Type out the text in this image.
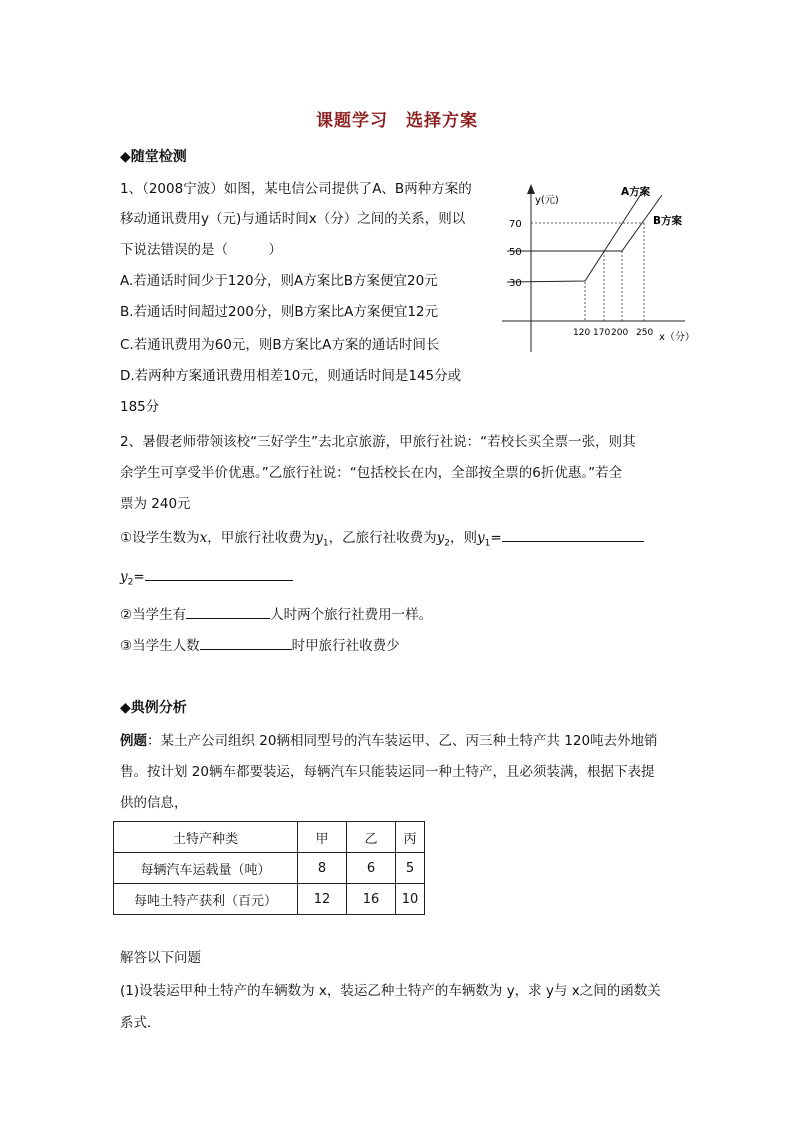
课题学习　选择方案
◆随堂检测
1、（2008宁波）如图，某电信公司提供了A、B两种方案的
移动通讯费用y（元)与通话时间x（分）之间的关系，则以
下说法错误的是（　　　）
A.若通话时间少于120分，则A方案比B方案便宜20元
B.若通话时间超过200分，则B方案比A方案便宜12元
C.若通讯费用为60元，则B方案比A方案的通话时间长
D.若两种方案通讯费用相差10元，则通话时间是145分或
185分
y(元)
x（分）
70
50
30
120 170 200 250
A方案
B方案
2、暑假老师带领该校“三好学生”去北京旅游，甲旅行社说：“若校长买全票一张，则其
余学生可享受半价优惠。”乙旅行社说：“包括校长在内，全部按全票的6折优惠。”若全
票为 240元
①设学生数为x，甲旅行社收费为$y_1$，乙旅行社收费为$y_2$，则$y_1=$
$y_2=$
②当学生有	人时两个旅行社费用一样。
③当学生人数	时甲旅行社收费少
◆典例分析
例题：某土产公司组织 20辆相同型号的汽车装运甲、乙、丙三种土特产共 120吨去外地销
售。按计划 20辆车都要装运，每辆汽车只能装运同一种土特产，且必须装满，根据下表提
供的信息，
土特产种类	甲	乙	丙
每辆汽车运载量（吨）	8	6	5
每吨土特产获利（百元）	12	16	10
解答以下问题
(1)设装运甲种土特产的车辆数为 x，装运乙种土特产的车辆数为 y，求 y与 x之间的函数关
系式．
